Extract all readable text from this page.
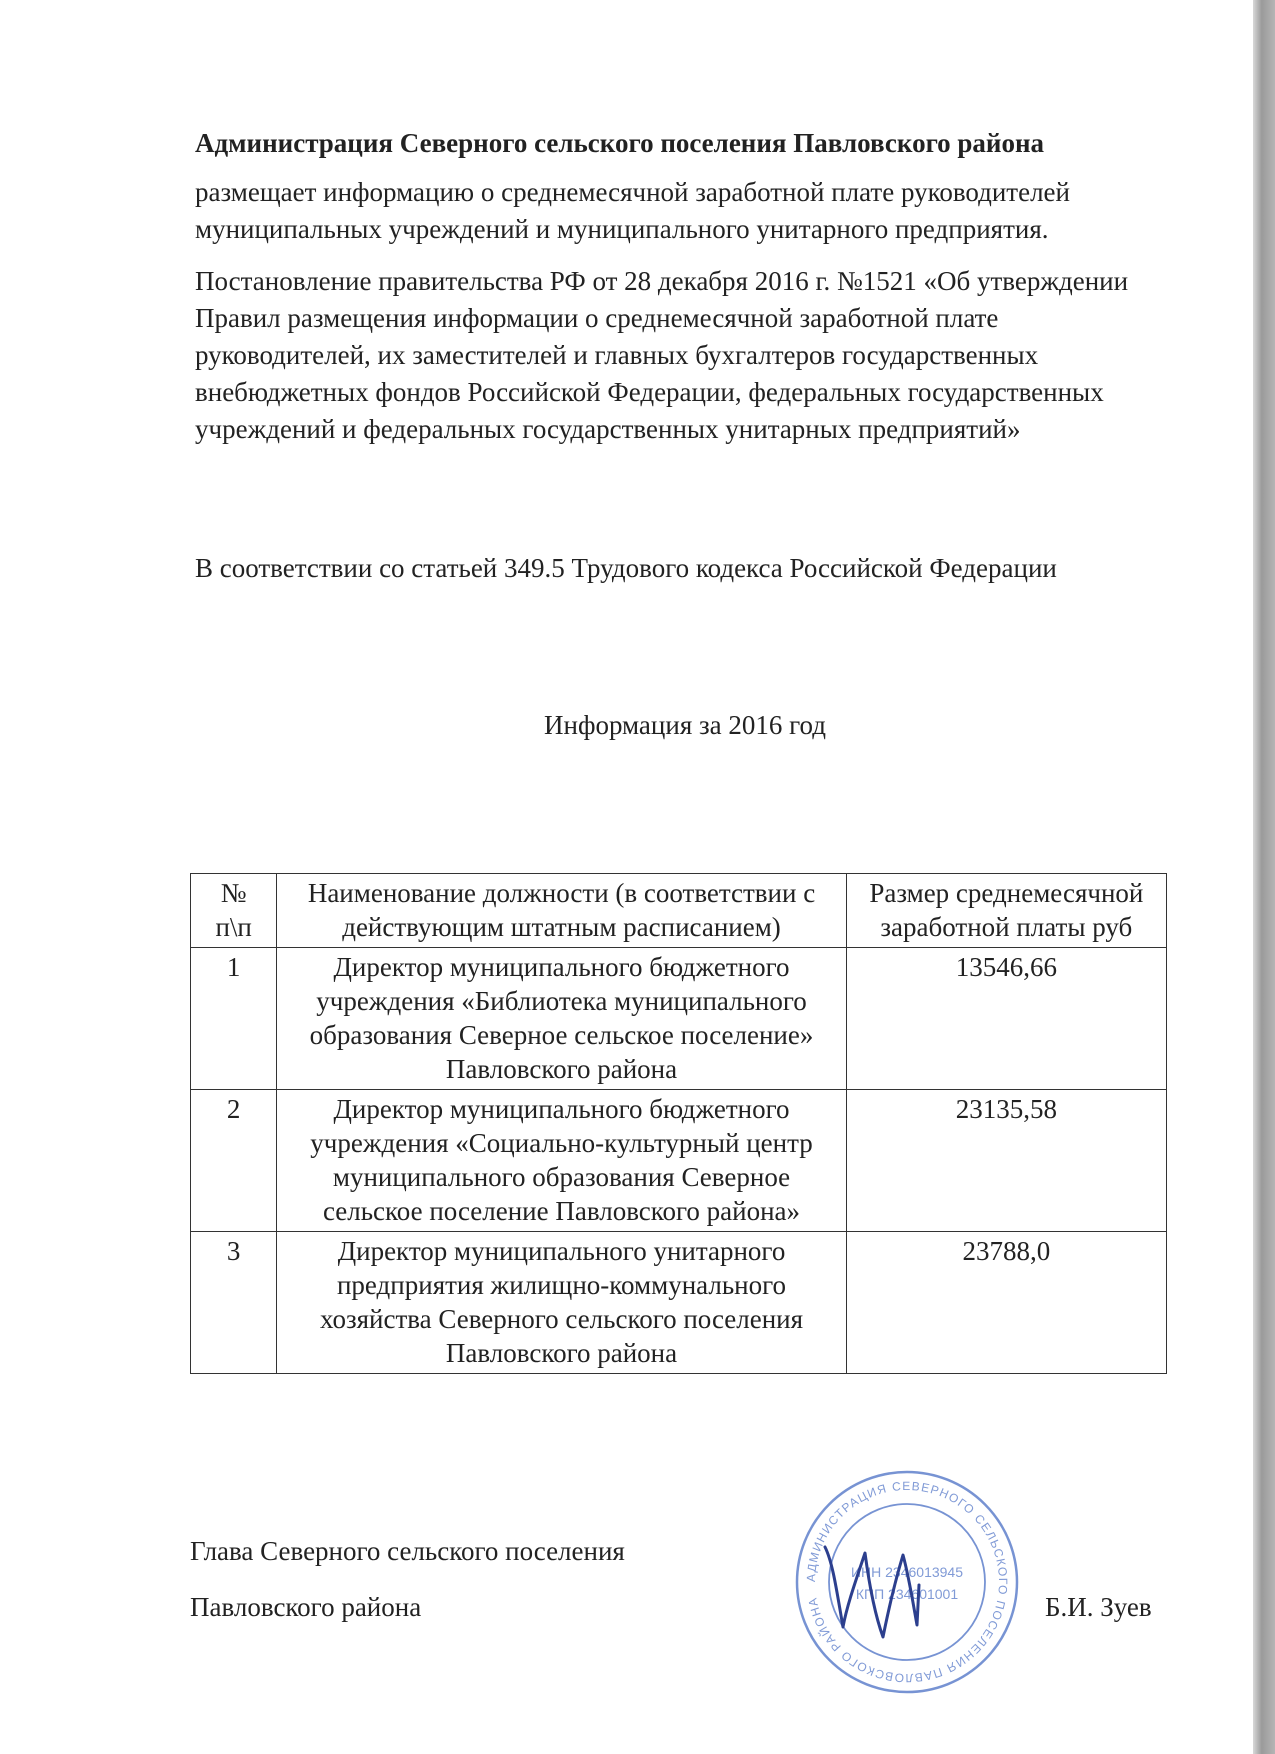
Администрация Северного сельского поселения Павловского района
размещает информацию о среднемесячной заработной плате руководителей муниципальных учреждений и муниципального унитарного предприятия.
Постановление правительства РФ от 28 декабря 2016 г. №1521 «Об утверждении Правил размещения информации о среднемесячной заработной плате руководителей, их заместителей и главных бухгалтеров государственных внебюджетных фондов Российской Федерации, федеральных государственных учреждений и федеральных государственных унитарных предприятий»
В соответствии со статьей 349.5 Трудового кодекса Российской Федерации
Информация за 2016 год
№
п\п	Наименование должности (в соответствии с действующим штатным расписанием)	Размер среднемесячной заработной платы руб
1	Директор муниципального бюджетного учреждения «Библиотека муниципального образования Северное сельское поселение» Павловского района	13546,66
2	Директор муниципального бюджетного учреждения «Социально-культурный центр муниципального образования Северное сельское поселение Павловского района»	23135,58
3	Директор муниципального унитарного предприятия жилищно-коммунального хозяйства Северного сельского поселения Павловского района	23788,0
Глава Северного сельского поселения
Павловского района	Б.И. Зуев
АДМИНИСТРАЦИЯ СЕВЕРНОГО СЕЛЬСКОГО ПОСЕЛЕНИЯ ПАВЛОВСКОГО РАЙОНА
ИНН 2346013945
КПП 234601001
